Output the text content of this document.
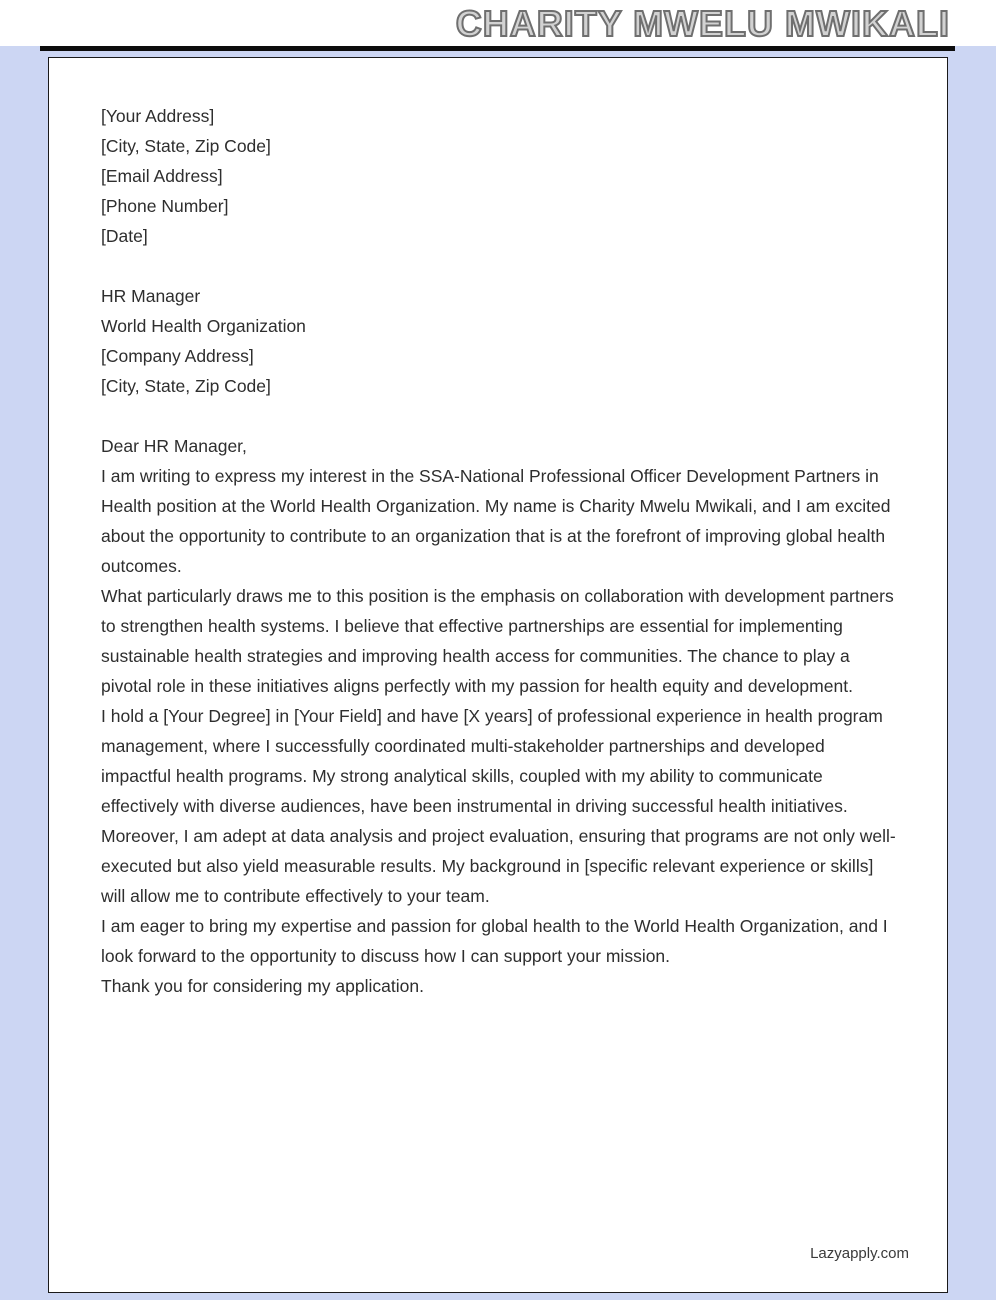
CHARITY MWELU MWIKALI

[Your Address]

[City, State, Zip Code]

[Email Address]

[Phone Number]

[Date]

HR Manager

World Health Organization

[Company Address]

[City, State, Zip Code]

Dear HR Manager,

I am writing to express my interest in the SSA-National Professional Officer Development Partners in Health position at the World Health Organization. My name is Charity Mwelu Mwikali, and I am excited about the opportunity to contribute to an organization that is at the forefront of improving global health outcomes.

What particularly draws me to this position is the emphasis on collaboration with development partners to strengthen health systems. I believe that effective partnerships are essential for implementing sustainable health strategies and improving health access for communities. The chance to play a pivotal role in these initiatives aligns perfectly with my passion for health equity and development.

I hold a [Your Degree] in [Your Field] and have [X years] of professional experience in health program management, where I successfully coordinated multi-stakeholder partnerships and developed impactful health programs. My strong analytical skills, coupled with my ability to communicate effectively with diverse audiences, have been instrumental in driving successful health initiatives.

Moreover, I am adept at data analysis and project evaluation, ensuring that programs are not only well-executed but also yield measurable results. My background in [specific relevant experience or skills] will allow me to contribute effectively to your team.

I am eager to bring my expertise and passion for global health to the World Health Organization, and I look forward to the opportunity to discuss how I can support your mission.

Thank you for considering my application.

Lazyapply.com
